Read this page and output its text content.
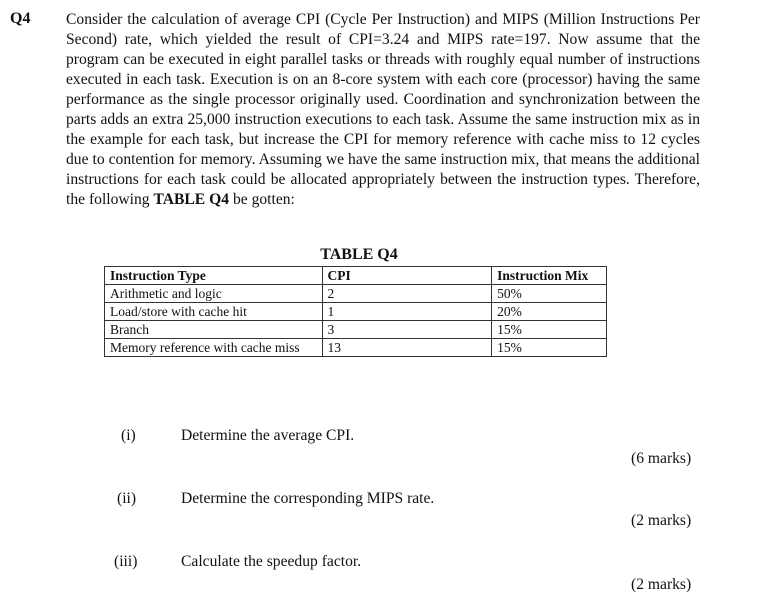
Q4 Consider the calculation of average CPI (Cycle Per Instruction) and MIPS (Million Instructions Per Second) rate, which yielded the result of CPI=3.24 and MIPS rate=197. Now assume that the program can be executed in eight parallel tasks or threads with roughly equal number of instructions executed in each task. Execution is on an 8-core system with each core (processor) having the same performance as the single processor originally used. Coordination and synchronization between the parts adds an extra 25,000 instruction executions to each task. Assume the same instruction mix as in the example for each task, but increase the CPI for memory reference with cache miss to 12 cycles due to contention for memory. Assuming we have the same instruction mix, that means the additional instructions for each task could be allocated appropriately between the instruction types. Therefore, the following TABLE Q4 be gotten:
TABLE Q4
Instruction Type	CPI	Instruction Mix
Arithmetic and logic	2	50%
Load/store with cache hit	1	20%
Branch	3	15%
Memory reference with cache miss	13	15%
(i)	Determine the average CPI.
(6 marks)
(ii)	Determine the corresponding MIPS rate.
(2 marks)
(iii)	Calculate the speedup factor.
(2 marks)
